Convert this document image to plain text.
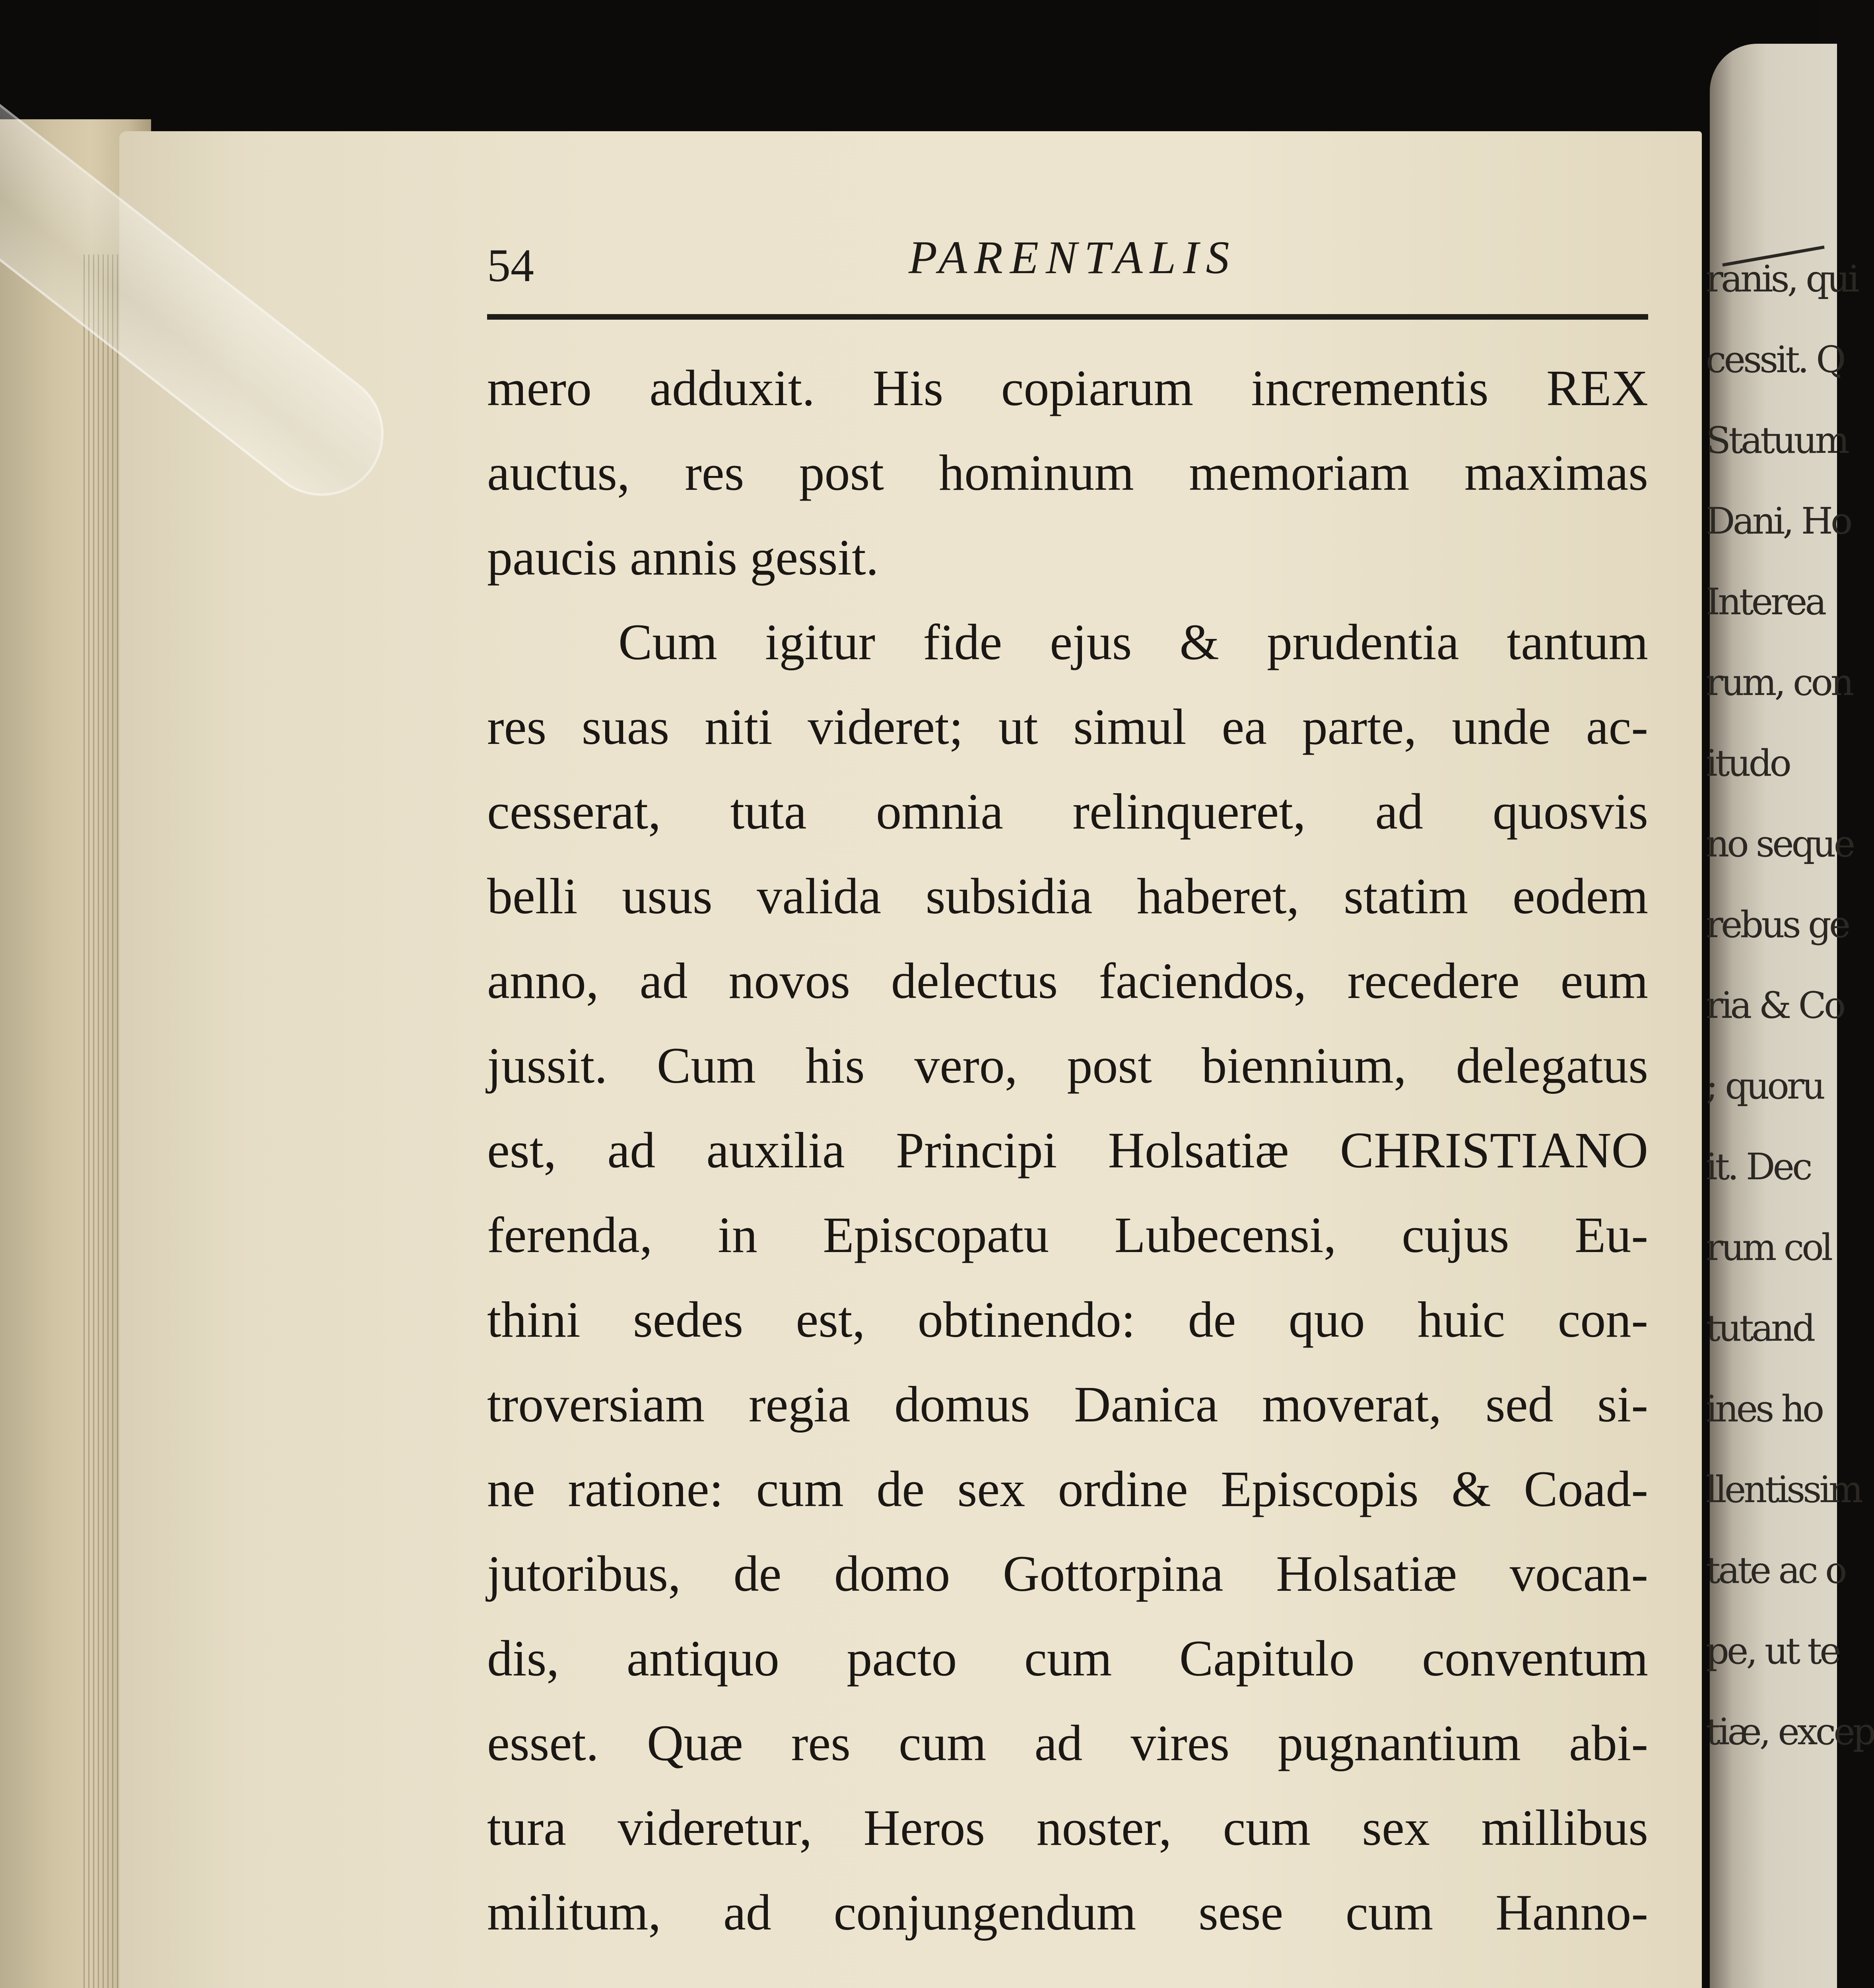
ranis, qui
cessit. Q
Statuum
Dani, Ho
Interea
rum, con
itudo
no seque
rebus ge
ria & Co
; quoru
it. Dec
rum col
tutand
ines ho
llentissim
tate ac o
pe, ut te
tiæ, excep
54	PARENTALIS
mero adduxit. His copiarum incrementis REX
auctus, res post hominum memoriam maximas
paucis annis gessit.
Cum igitur fide ejus & prudentia tantum
res suas niti videret; ut simul ea parte, unde ac-
cesserat, tuta omnia relinqueret, ad quosvis
belli usus valida subsidia haberet, statim eodem
anno, ad novos delectus faciendos, recedere eum
jussit. Cum his vero, post biennium, delegatus
est, ad auxilia Principi Holsatiæ CHRISTIANO
ferenda, in Episcopatu Lubecensi, cujus Eu-
thini sedes est, obtinendo: de quo huic con-
troversiam regia domus Danica moverat, sed si-
ne ratione: cum de sex ordine Episcopis & Coad-
jutoribus, de domo Gottorpina Holsatiæ vocan-
dis, antiquo pacto cum Capitulo conventum
esset. Quæ res cum ad vires pugnantium abi-
tura videretur, Heros noster, cum sex millibus
militum, ad conjungendum sese cum Hanno-
